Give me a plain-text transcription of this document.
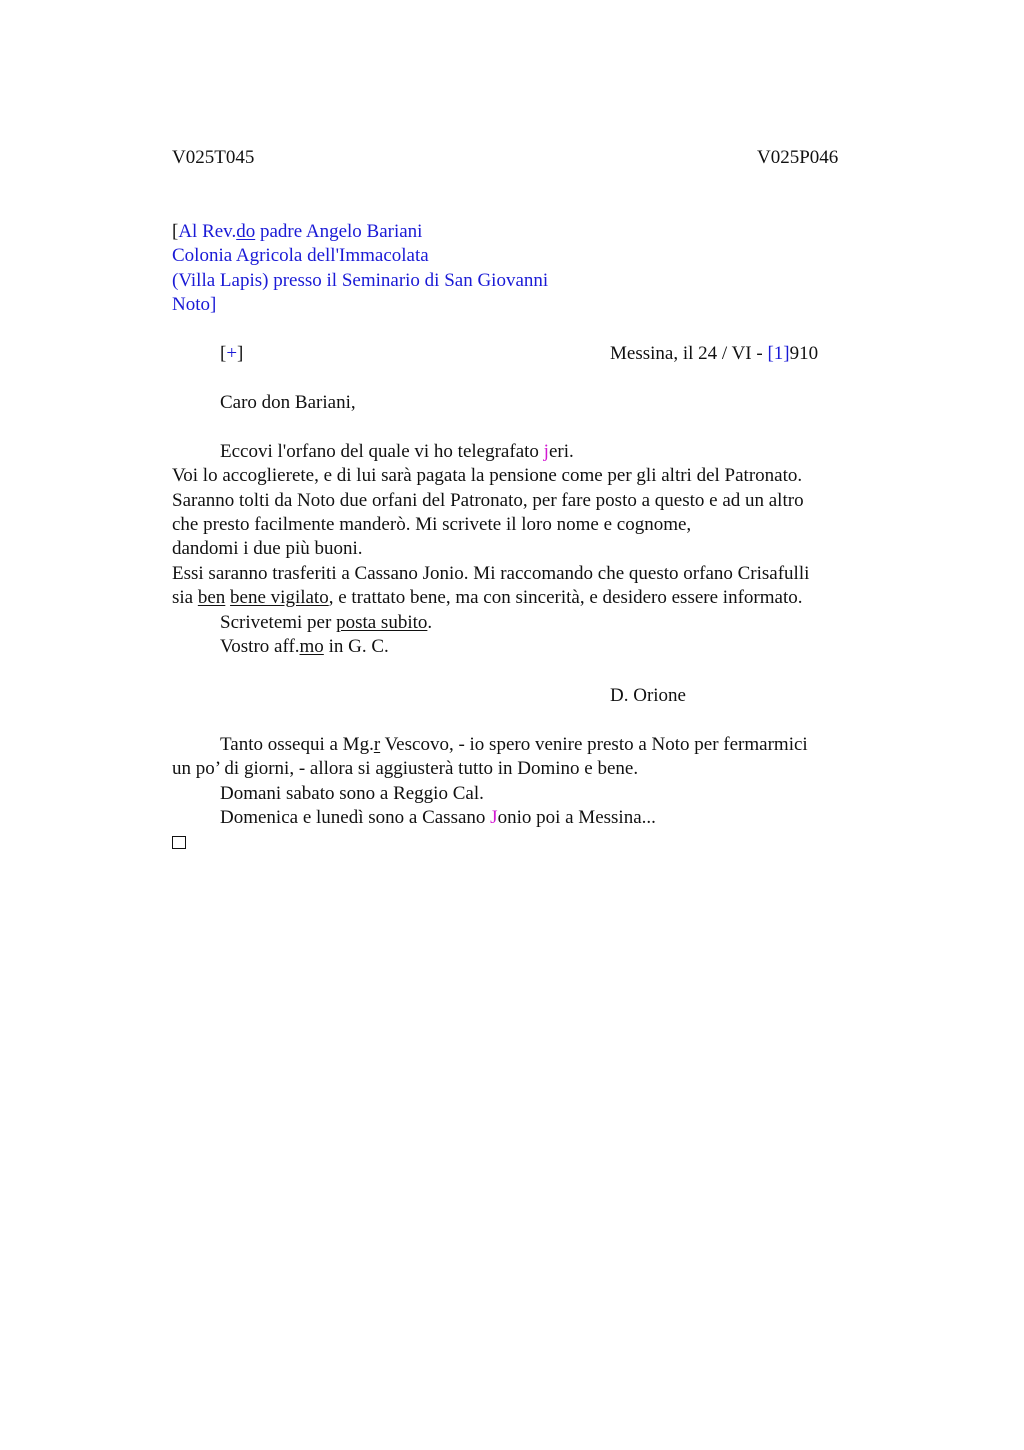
V025T045	V025P046
[Al Rev.do padre Angelo Bariani
Colonia Agricola dell'Immacolata
(Villa Lapis) presso il Seminario di San Giovanni
Noto]
[+]	Messina, il 24 / VI - [1]910
Caro don Bariani,
Eccovi l'orfano del quale vi ho telegrafato jeri.
Voi lo accoglierete, e di lui sarà pagata la pensione come per gli altri del Patronato.
Saranno tolti da Noto due orfani del Patronato, per fare posto a questo e ad un altro
che presto facilmente manderò. Mi scrivete il loro nome e cognome,
dandomi i due più buoni.
Essi saranno trasferiti a Cassano Jonio. Mi raccomando che questo orfano Crisafulli
sia ben bene vigilato, e trattato bene, ma con sincerità, e desidero essere informato.
Scrivetemi per posta subito.
Vostro aff.mo in G. C.
D. Orione
Tanto ossequi a Mg.r Vescovo, - io spero venire presto a Noto per fermarmici
un po’ di giorni, - allora si aggiusterà tutto in Domino e bene.
Domani sabato sono a Reggio Cal.
Domenica e lunedì sono a Cassano Jonio poi a Messina...
